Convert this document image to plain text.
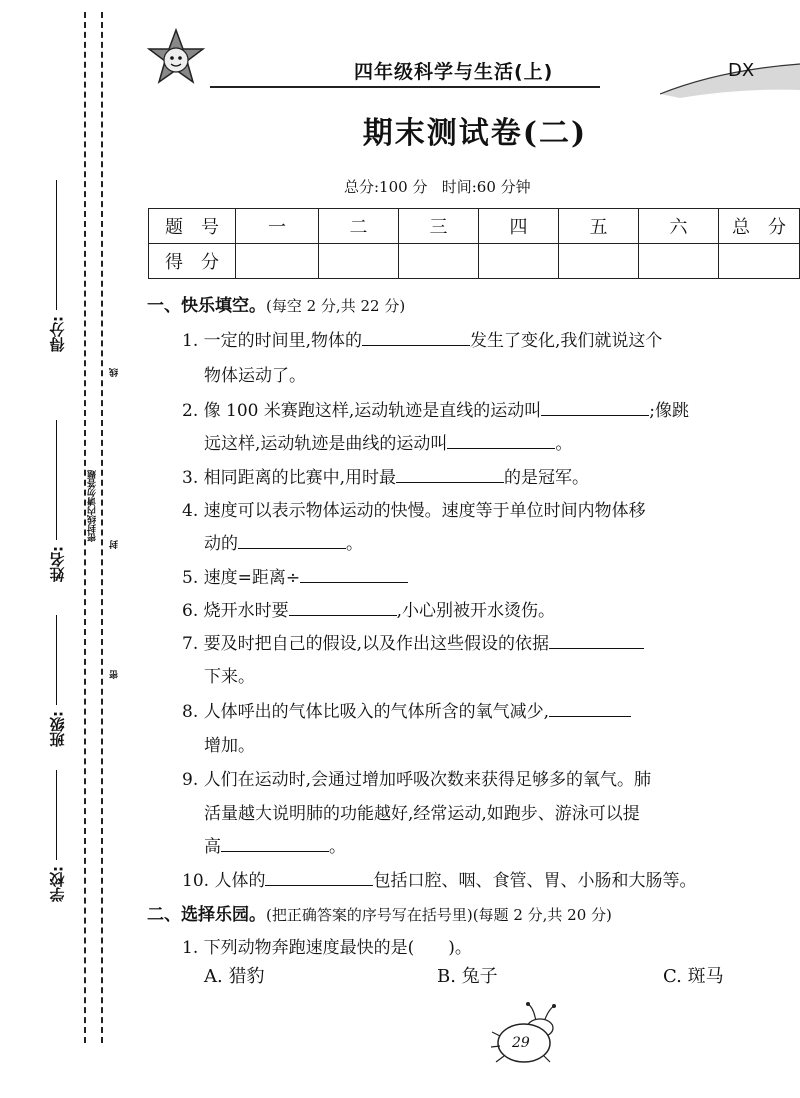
学校:
班级:
姓名:
得分:
线
封
密
密封线内请勿答题
四年级科学与生活(上)	DX
期末测试卷(二)
总分:100 分   时间:60 分钟
题　号	一	二	三	四	五	六	总　分
得　分							
一、快乐填空。(每空 2 分,共 22 分)
1. 一定的时间里,物体的	发生了变化,我们就说这个
物体运动了。
2. 像 100 米赛跑这样,运动轨迹是直线的运动叫	;像跳
远这样,运动轨迹是曲线的运动叫	。
3. 相同距离的比赛中,用时最	的是冠军。
4. 速度可以表示物体运动的快慢。速度等于单位时间内物体移
动的	。
5. 速度=距离÷
6. 烧开水时要	,小心别被开水烫伤。
7. 要及时把自己的假设,以及作出这些假设的依据
下来。
8. 人体呼出的气体比吸入的气体所含的氧气减少,
增加。
9. 人们在运动时,会通过增加呼吸次数来获得足够多的氧气。肺
活量越大说明肺的功能越好,经常运动,如跑步、游泳可以提
高	。
10. 人体的	包括口腔、咽、食管、胃、小肠和大肠等。
二、选择乐园。(把正确答案的序号写在括号里)(每题 2 分,共 20 分)
1. 下列动物奔跑速度最快的是(　　)。
A. 猎豹	B. 兔子	C. 斑马
29
